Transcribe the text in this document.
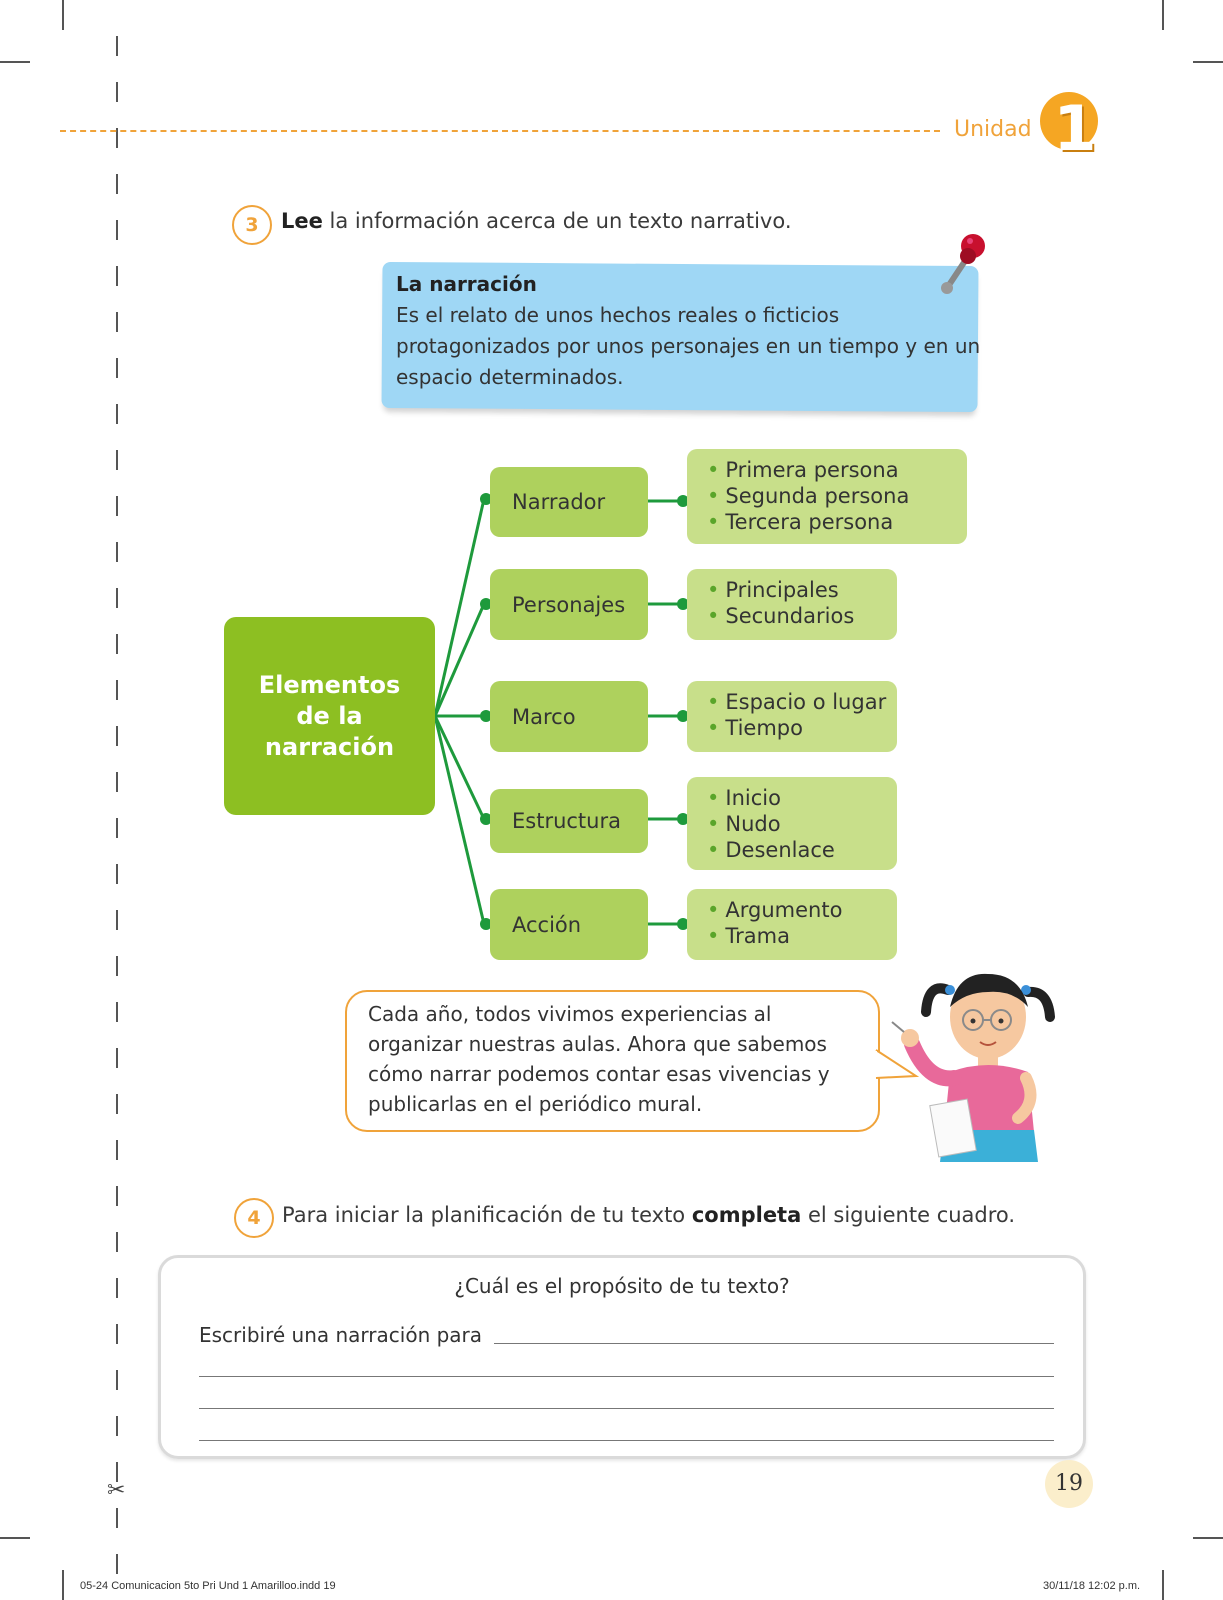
✂
Unidad 1
3	Lee la información acerca de un texto narrativo.
La narración
Es el relato de unos hechos reales o ficticios protagonizados por unos personajes en un tiempo y en un espacio determinados.
Elementos de la narración
Narrador
• Primera persona
• Segunda persona
• Tercera persona
Personajes
• Principales
• Secundarios
Marco
• Espacio o lugar
• Tiempo
Estructura
• Inicio
• Nudo
• Desenlace
Acción
• Argumento
• Trama
Cada año, todos vivimos experiencias al organizar nuestras aulas. Ahora que sabemos cómo narrar podemos contar esas vivencias y publicarlas en el periódico mural.
4	Para iniciar la planificación de tu texto completa el siguiente cuadro.
¿Cuál es el propósito de tu texto?
Escribiré una narración para
19
05-24 Comunicacion 5to Pri Und 1 Amarilloo.indd 19	30/11/18 12:02 p.m.
